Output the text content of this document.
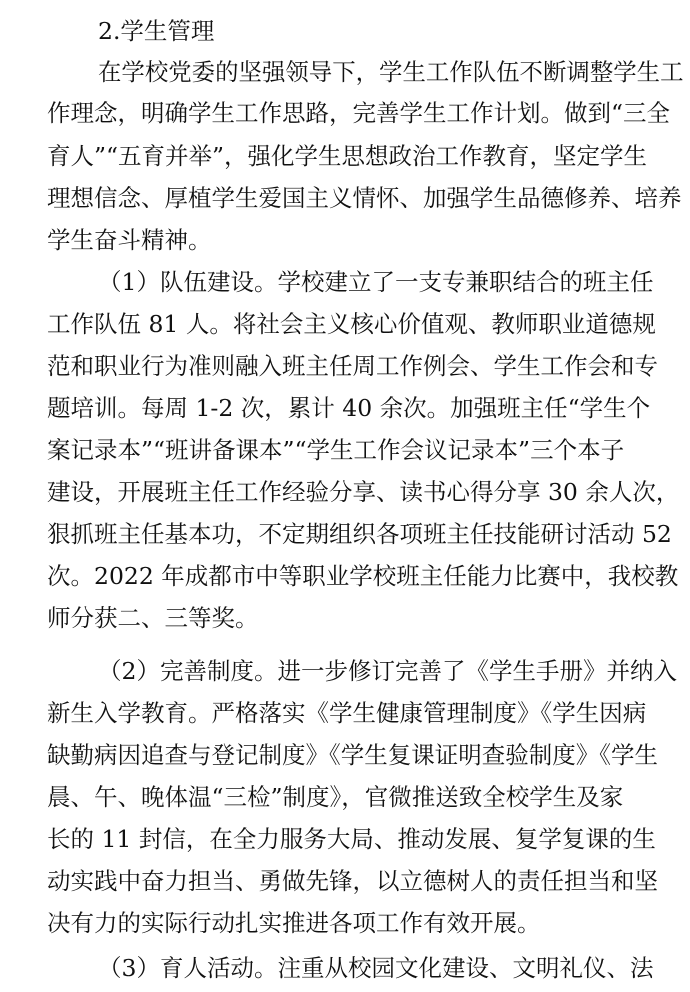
2.学生管理
在学校党委的坚强领导下，学生工作队伍不断调整学生工
作理念，明确学生工作思路，完善学生工作计划。做到“三全
育人”“五育并举”，强化学生思想政治工作教育，坚定学生
理想信念、厚植学生爱国主义情怀、加强学生品德修养、培养
学生奋斗精神。
（1）队伍建设。学校建立了一支专兼职结合的班主任
工作队伍 81 人。将社会主义核心价值观、教师职业道德规
范和职业行为准则融入班主任周工作例会、学生工作会和专
题培训。每周 1-2 次，累计 40 余次。加强班主任“学生个
案记录本”“班讲备课本”“学生工作会议记录本”三个本子
建设，开展班主任工作经验分享、读书心得分享 30 余人次，
狠抓班主任基本功，不定期组织各项班主任技能研讨活动 52
次。2022 年成都市中等职业学校班主任能力比赛中，我校教
师分获二、三等奖。
（2）完善制度。进一步修订完善了《学生手册》并纳入
新生入学教育。严格落实《学生健康管理制度》《学生因病
缺勤病因追查与登记制度》《学生复课证明查验制度》《学生
晨、午、晚体温“三检”制度》，官微推送致全校学生及家
长的 11 封信，在全力服务大局、推动发展、复学复课的生
动实践中奋力担当、勇做先锋，以立德树人的责任担当和坚
决有力的实际行动扎实推进各项工作有效开展。
（3）育人活动。注重从校园文化建设、文明礼仪、法
